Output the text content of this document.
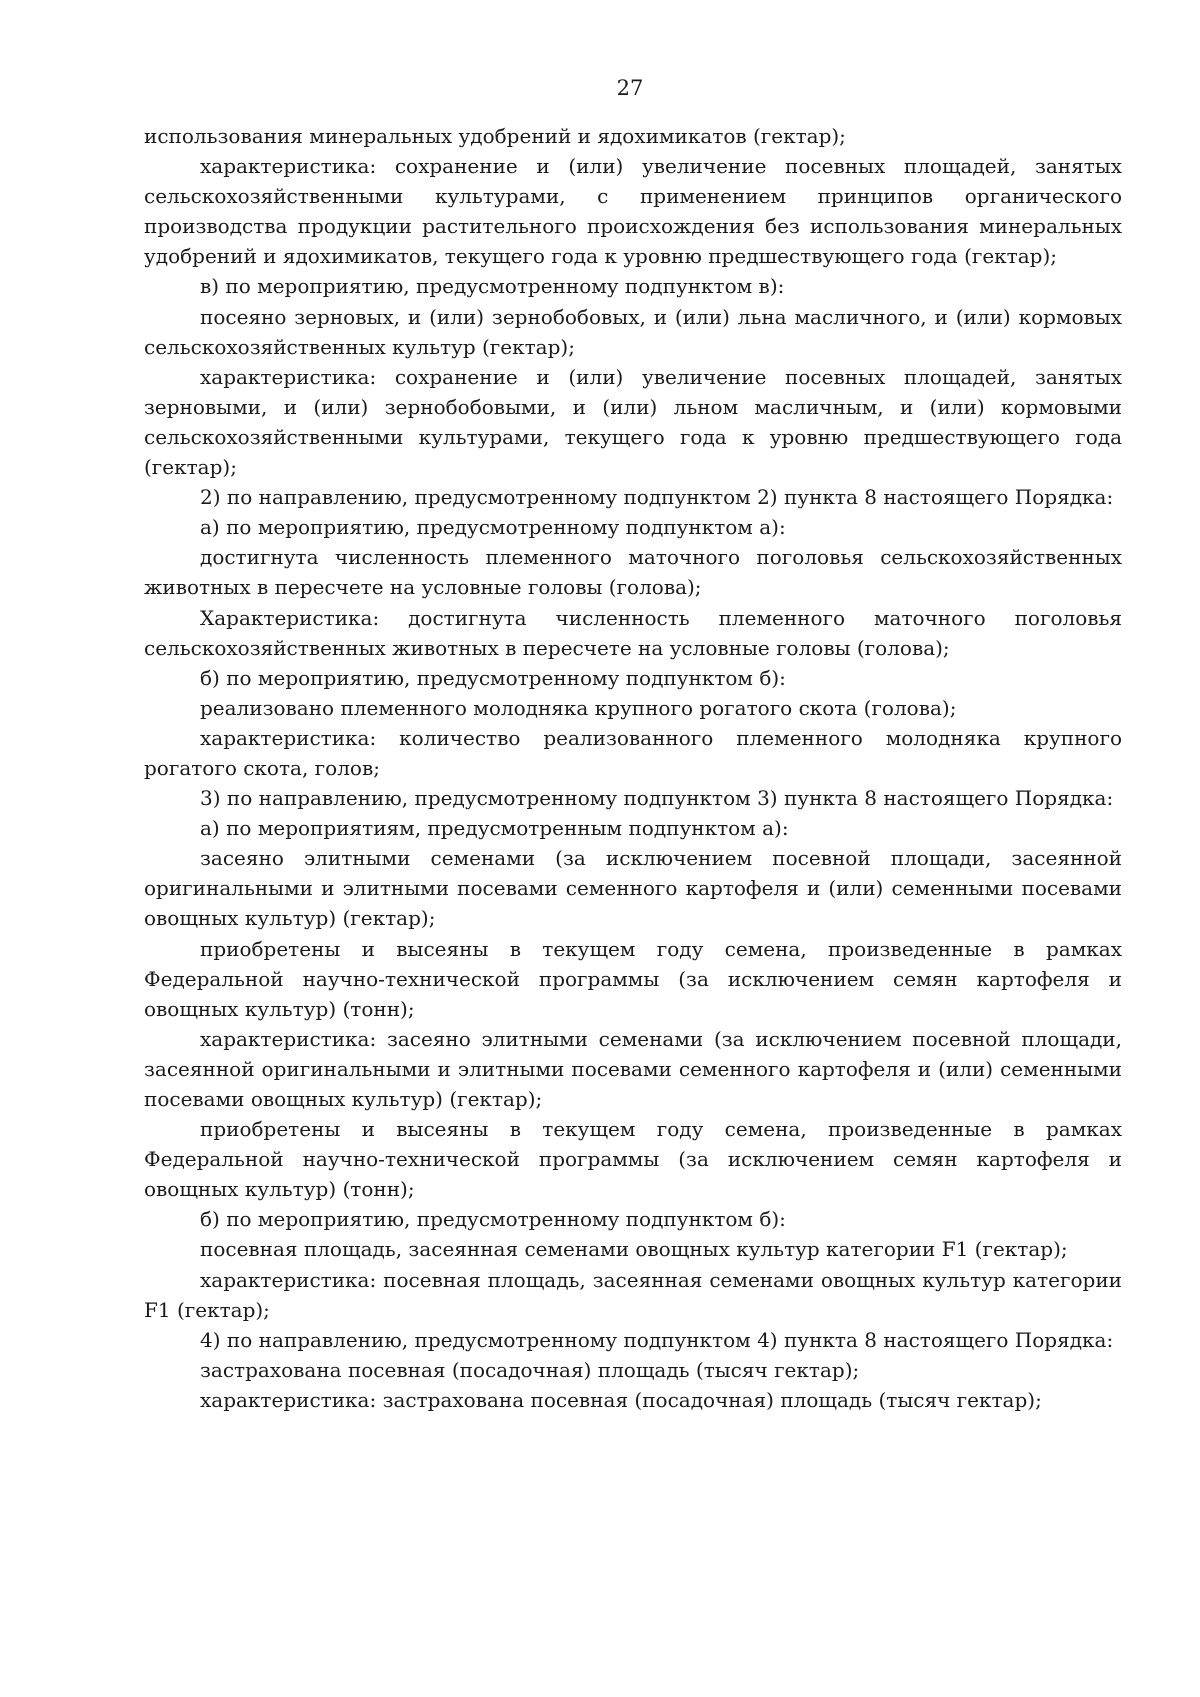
27

использования минеральных удобрений и ядохимикатов (гектар);

характеристика: сохранение и (или) увеличение посевных площадей, занятых сельскохозяйственными культурами, с применением принципов органического производства продукции растительного происхождения без использования минеральных удобрений и ядохимикатов, текущего года к уровню предшествующего года (гектар);

в) по мероприятию, предусмотренному подпунктом в):

посеяно зерновых, и (или) зернобобовых, и (или) льна масличного, и (или) кормовых сельскохозяйственных культур (гектар);

характеристика: сохранение и (или) увеличение посевных площадей, занятых зерновыми, и (или) зернобобовыми, и (или) льном масличным, и (или) кормовыми сельскохозяйственными культурами, текущего года к уровню предшествующего года (гектар);

2) по направлению, предусмотренному подпунктом 2) пункта 8 настоящего Порядка:

а) по мероприятию, предусмотренному подпунктом а):

достигнута численность племенного маточного поголовья сельскохозяйственных животных в пересчете на условные головы (голова);

Характеристика: достигнута численность племенного маточного поголовья сельскохозяйственных животных в пересчете на условные головы (голова);

б) по мероприятию, предусмотренному подпунктом б):

реализовано племенного молодняка крупного рогатого скота (голова);

характеристика: количество реализованного племенного молодняка крупного рогатого скота, голов;

3) по направлению, предусмотренному подпунктом 3) пункта 8 настоящего Порядка:

а) по мероприятиям, предусмотренным подпунктом а):

засеяно элитными семенами (за исключением посевной площади, засеянной оригинальными и элитными посевами семенного картофеля и (или) семенными посевами овощных культур) (гектар);

приобретены и высеяны в текущем году семена, произведенные в рамках Федеральной научно-технической программы (за исключением семян картофеля и овощных культур) (тонн);

характеристика: засеяно элитными семенами (за исключением посевной площади, засеянной оригинальными и элитными посевами семенного картофеля и (или) семенными посевами овощных культур) (гектар);

приобретены и высеяны в текущем году семена, произведенные в рамках Федеральной научно-технической программы (за исключением семян картофеля и овощных культур) (тонн);

б) по мероприятию, предусмотренному подпунктом б):

посевная площадь, засеянная семенами овощных культур категории F1 (гектар);

характеристика: посевная площадь, засеянная семенами овощных культур категории F1 (гектар);

4) по направлению, предусмотренному подпунктом 4) пункта 8 настоящего Порядка:

застрахована посевная (посадочная) площадь (тысяч гектар);

характеристика: застрахована посевная (посадочная) площадь (тысяч гектар);
